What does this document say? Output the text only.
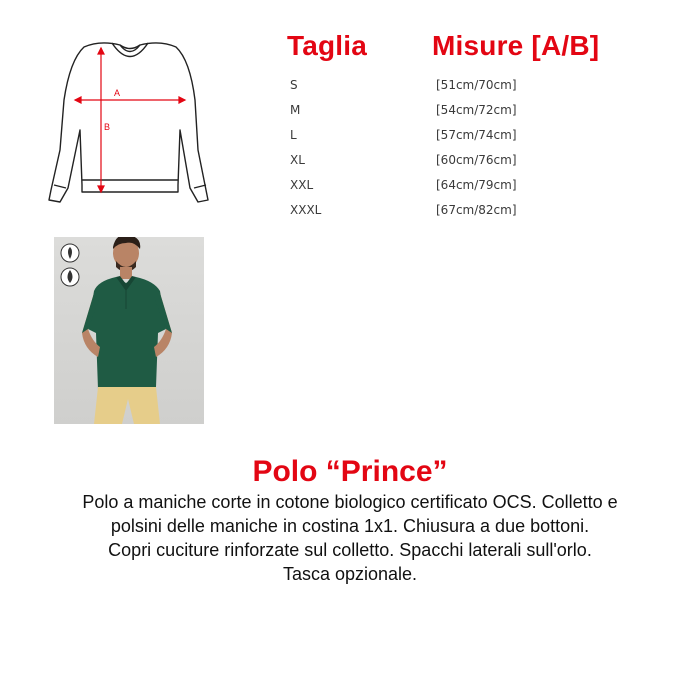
A
B
Taglia Misure [A/B]
S	[51cm/70cm]
M	[54cm/72cm]
L	[57cm/74cm]
XL	[60cm/76cm]
XXL	[64cm/79cm]
XXXL	[67cm/82cm]
Polo “Prince”
Polo a maniche corte in cotone biologico certificato OCS. Colletto e
polsini delle maniche in costina 1x1. Chiusura a due bottoni.
Copri cuciture rinforzate sul colletto. Spacchi laterali sull'orlo.
Tasca opzionale.
